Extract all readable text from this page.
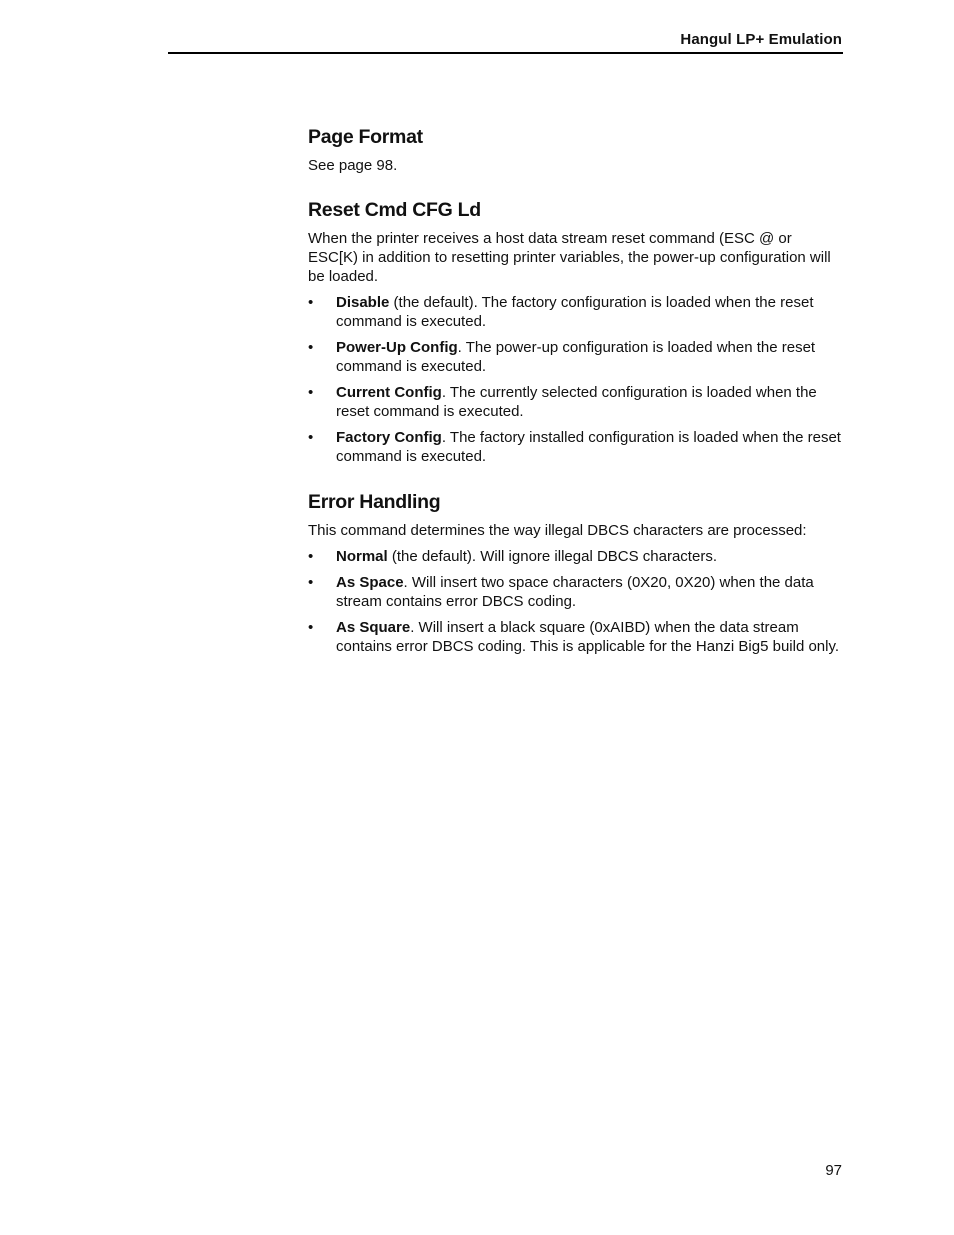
Hangul LP+ Emulation
Page Format

See page 98.

Reset Cmd CFG Ld

When the printer receives a host data stream reset command (ESC @ or ESC[K) in addition to resetting printer variables, the power-up configuration will be loaded.

• Disable (the default). The factory configuration is loaded when the reset command is executed.
• Power-Up Config. The power-up configuration is loaded when the reset command is executed.
• Current Config. The currently selected configuration is loaded when the reset command is executed.
• Factory Config. The factory installed configuration is loaded when the reset command is executed.
Error Handling

This command determines the way illegal DBCS characters are processed:

• Normal (the default). Will ignore illegal DBCS characters.
• As Space. Will insert two space characters (0X20, 0X20) when the data stream contains error DBCS coding.
• As Square. Will insert a black square (0xAIBD) when the data stream contains error DBCS coding. This is applicable for the Hanzi Big5 build only.
97
